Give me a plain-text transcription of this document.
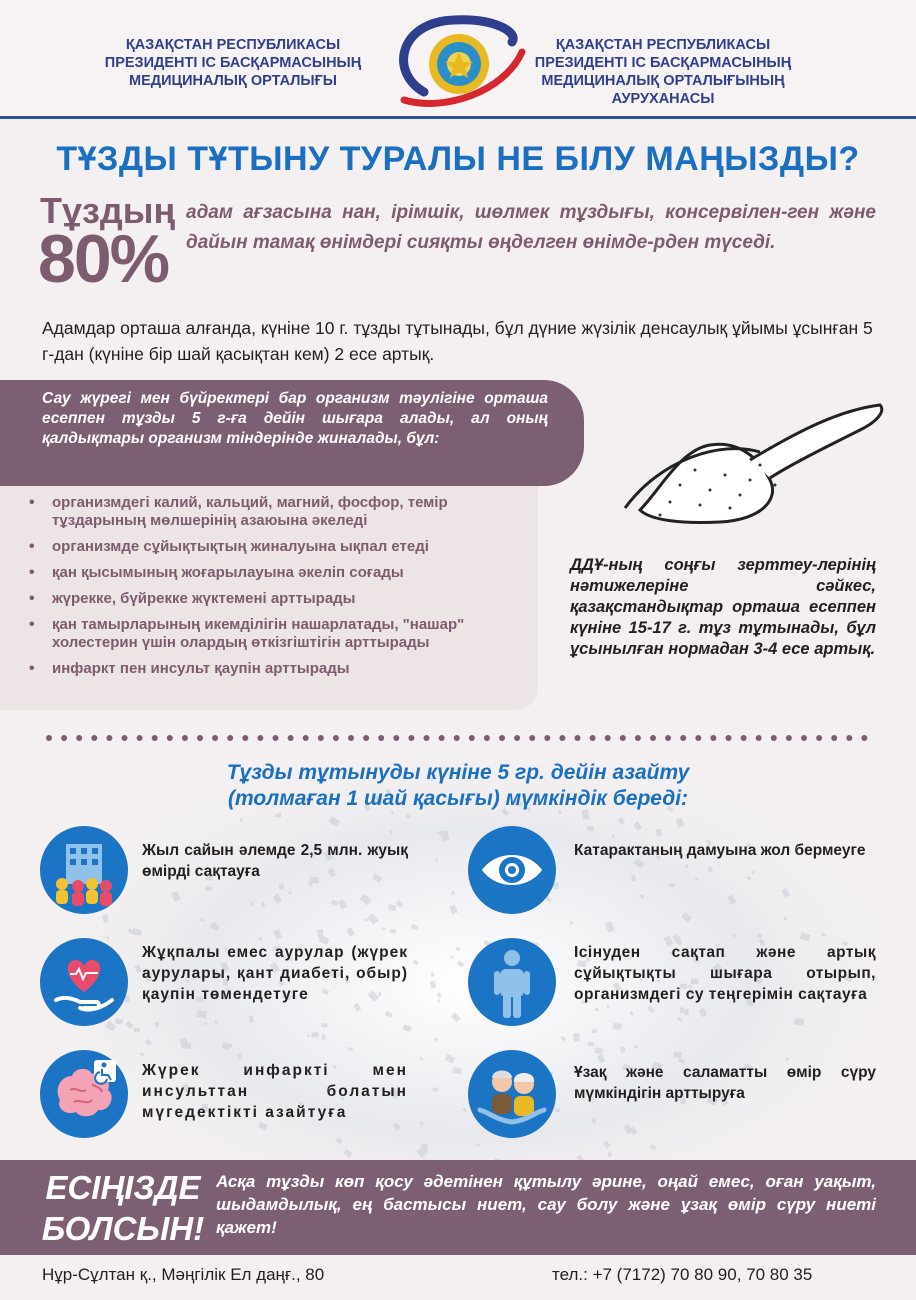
ҚАЗАҚСТАН РЕСПУБЛИКАСЫ
ПРЕЗИДЕНТІ ІС БАСҚАРМАСЫНЫҢ
МЕДИЦИНАЛЫҚ ОРТАЛЫҒЫ
ҚАЗАҚСТАН РЕСПУБЛИКАСЫ
ПРЕЗИДЕНТІ ІС БАСҚАРМАСЫНЫҢ
МЕДИЦИНАЛЫҚ ОРТАЛЫҒЫНЫҢ
АУРУХАНАСЫ
ТҰЗДЫ ТҰТЫНУ ТУРАЛЫ НЕ БІЛУ МАҢЫЗДЫ?
Тұздың
80%
адам ағзасына нан, ірімшік, шөлмек тұздығы, консервілен-ген және дайын тамақ өнімдері сияқты өңделген өнімде-рден түседі.
Адамдар орташа алғанда, күніне 10 г. тұзды тұтынады, бұл дүние жүзілік денсаулық ұйымы ұсынған 5 г-дан (күніне бір шай қасықтан кем) 2 есе артық.
Сау жүрегі мен бүйректері бар организм тәулігіне орташа есеппен тұзды 5 г-ға дейін шығара алады, ал оның қалдықтары организм тіндерінде жиналады, бұл:
• организмдегі калий, кальций, магний, фосфор, темір тұздарының мөлшерінің азаюына әкеледі
• организмде сұйықтықтың жиналуына ықпал етеді
• қан қысымының жоғарылауына әкеліп соғады
• жүрекке, бүйрекке жүктемені арттырады
• қан тамырларының икемділігін нашарлатады, "нашар" холестерин үшін олардың өткізгіштігін арттырады
• инфаркт пен инсульт қаупін арттырады
ДДҰ-ның соңғы зерттеу-лерінің нәтижелеріне сәйкес, қазақстандықтар орташа есеппен күніне 15-17 г. тұз тұтынады, бұл ұсынылған нормадан 3-4 есе артық.
Тұзды тұтынуды күніне 5 гр. дейін азайту
(толмаған 1 шай қасығы) мүмкіндік береді:
Жыл сайын әлемде 2,5 млн. жуық өмірді сақтауға
Катарактаның дамуына жол бермеуге
Жұқпалы емес аурулар (жүрек аурулары, қант диабеті, обыр) қаупін төмендетуге
Ісінуден сақтап және артық сұйықтықты шығара отырып, организмдегі су теңгерімін сақтауға
Жүрек инфаркті мен инсульттан болатын мүгедектікті азайтуға
Ұзақ және саламатты өмір сүру мүмкіндігін арттыруға
ЕСІҢІЗДЕ
БОЛСЫН!
Асқа тұзды көп қосу әдетінен құтылу әрине, оңай емес, оған уақыт, шыдамдылық, ең бастысы ниет, сау болу және ұзақ өмір сүру ниеті қажет!
Нұр-Сұлтан қ., Мәңгілік Ел даңғ., 80	тел.: +7 (7172) 70 80 90, 70 80 35
